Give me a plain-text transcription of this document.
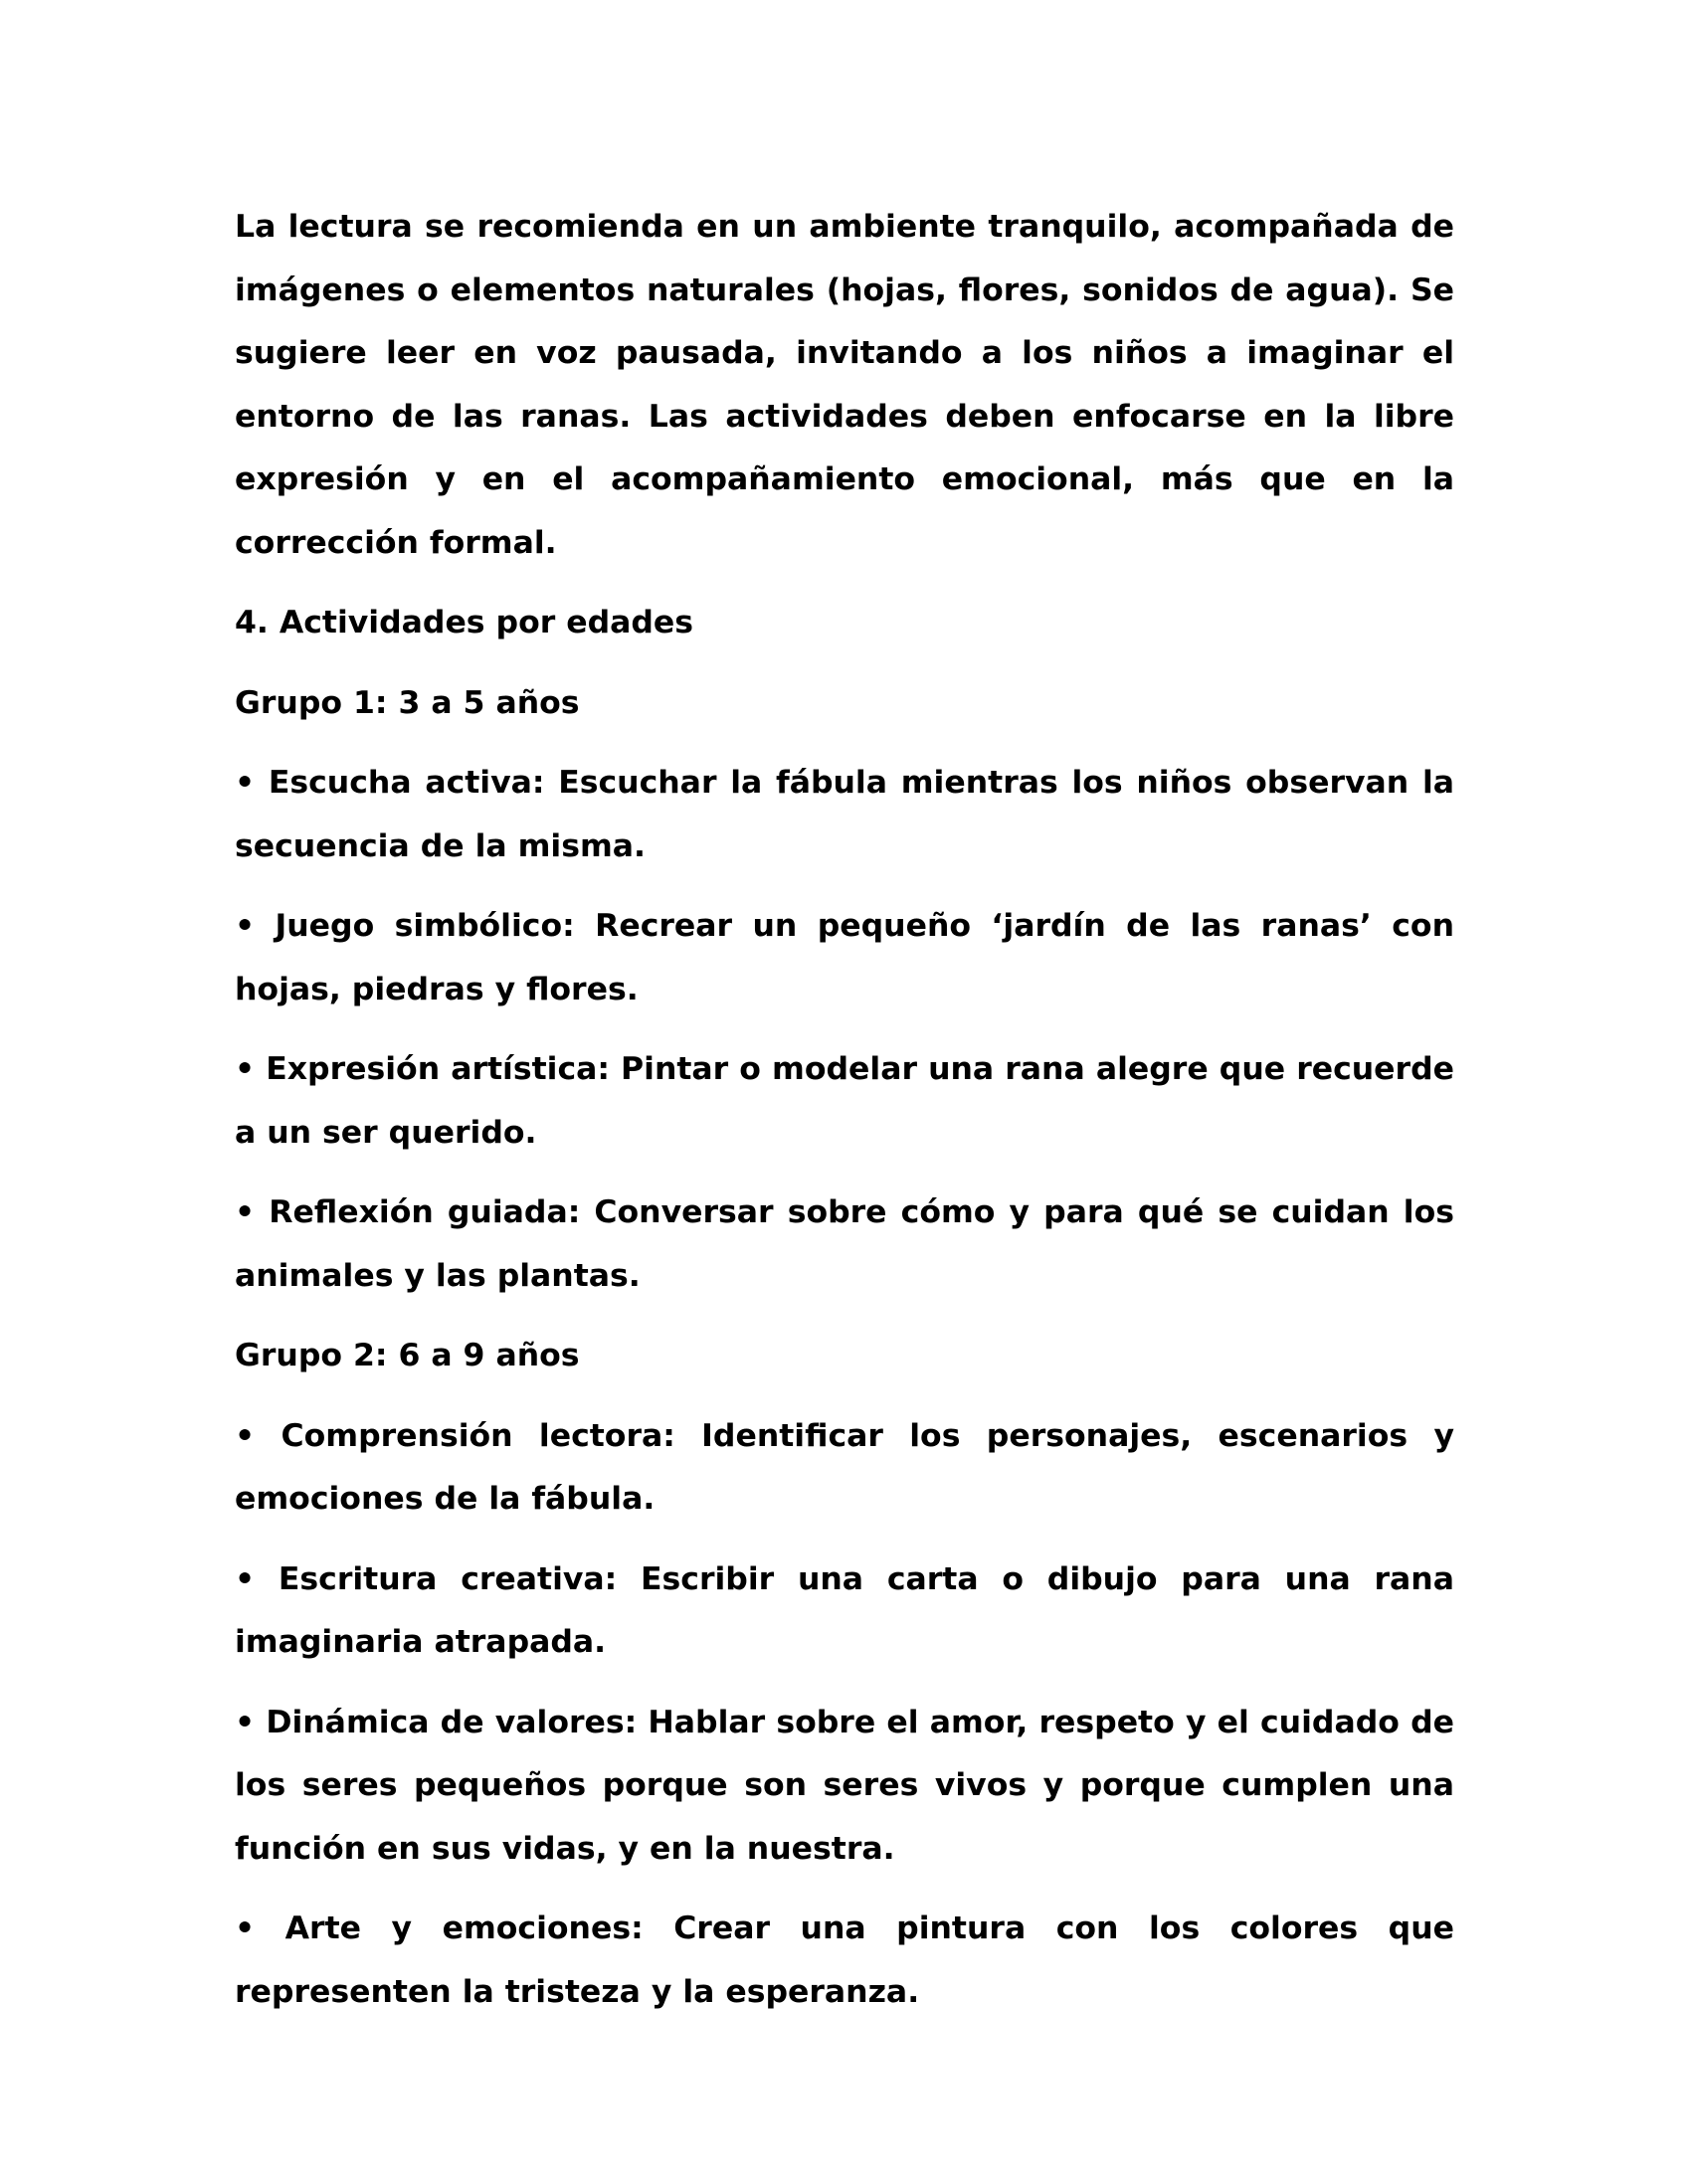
La lectura se recomienda en un ambiente tranquilo, acompañada de imágenes o elementos naturales (hojas, flores, sonidos de agua). Se sugiere leer en voz pausada, invitando a los niños a imaginar el entorno de las ranas. Las actividades deben enfocarse en la libre expresión y en el acompañamiento emocional, más que en la corrección formal.

4. Actividades por edades

Grupo 1: 3 a 5 años

• Escucha activa: Escuchar la fábula mientras los niños observan la secuencia de la misma.

• Juego simbólico: Recrear un pequeño ‘jardín de las ranas’ con hojas, piedras y flores.

• Expresión artística: Pintar o modelar una rana alegre que recuerde a un ser querido.

• Reflexión guiada: Conversar sobre cómo y para qué se cuidan los animales y las plantas.

Grupo 2: 6 a 9 años

• Comprensión lectora: Identificar los personajes, escenarios y emociones de la fábula.

• Escritura creativa: Escribir una carta o dibujo para una rana imaginaria atrapada.

• Dinámica de valores: Hablar sobre el amor, respeto y el cuidado de los seres pequeños porque son seres vivos y porque cumplen una función en sus vidas, y en la nuestra.

• Arte y emociones: Crear una pintura con los colores que representen la tristeza y la esperanza.
